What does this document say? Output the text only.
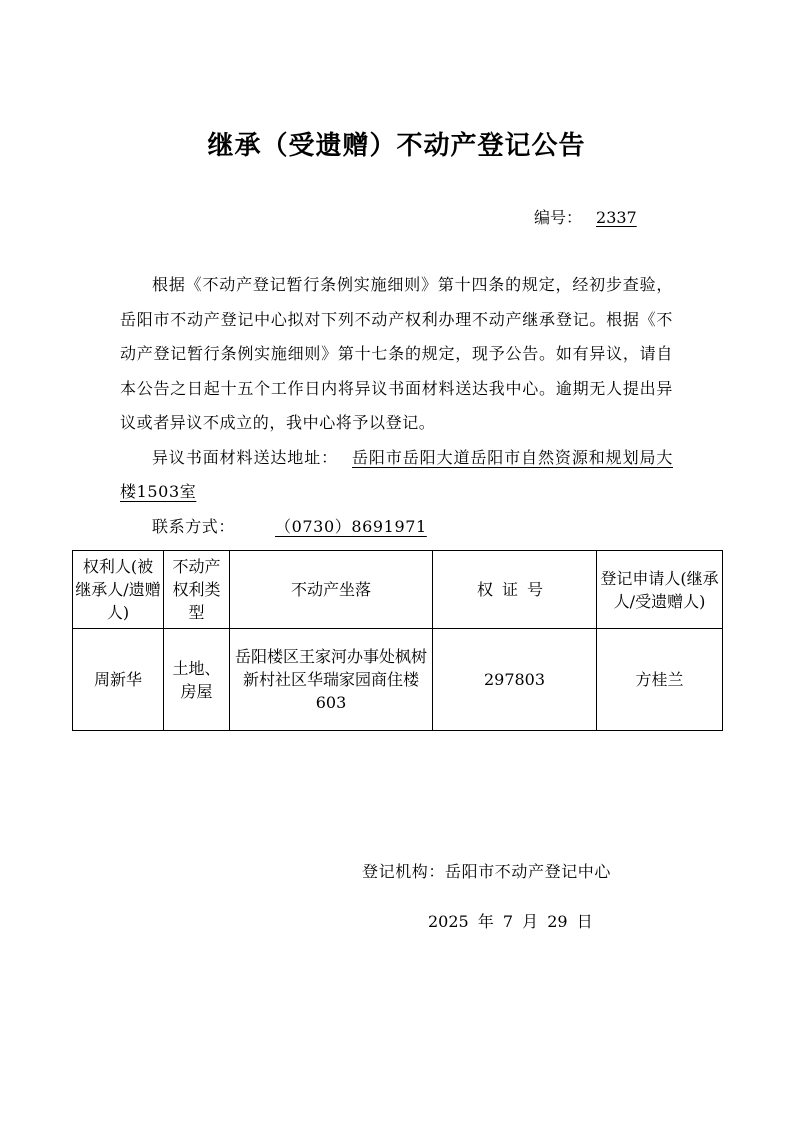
继承（受遗赠）不动产登记公告
编号： 2337

根据《不动产登记暂行条例实施细则》第十四条的规定，经初步查验，岳阳市不动产登记中心拟对下列不动产权利办理不动产继承登记。根据《不动产登记暂行条例实施细则》第十七条的规定，现予公告。如有异议，请自本公告之日起十五个工作日内将异议书面材料送达我中心。逾期无人提出异议或者异议不成立的，我中心将予以登记。

异议书面材料送达地址： 岳阳市岳阳大道岳阳市自然资源和规划局大楼1503室

联系方式：	（0730）8691971

权利人(被继承人/遗赠人)	不动产权利类型	不动产坐落	权证号	登记申请人(继承人/受遗赠人)
周新华	土地、房屋	岳阳楼区王家河办事处枫树新村社区华瑞家园商住楼603	297803	方桂兰
登记机构：岳阳市不动产登记中心
2025 年 7 月 29 日
